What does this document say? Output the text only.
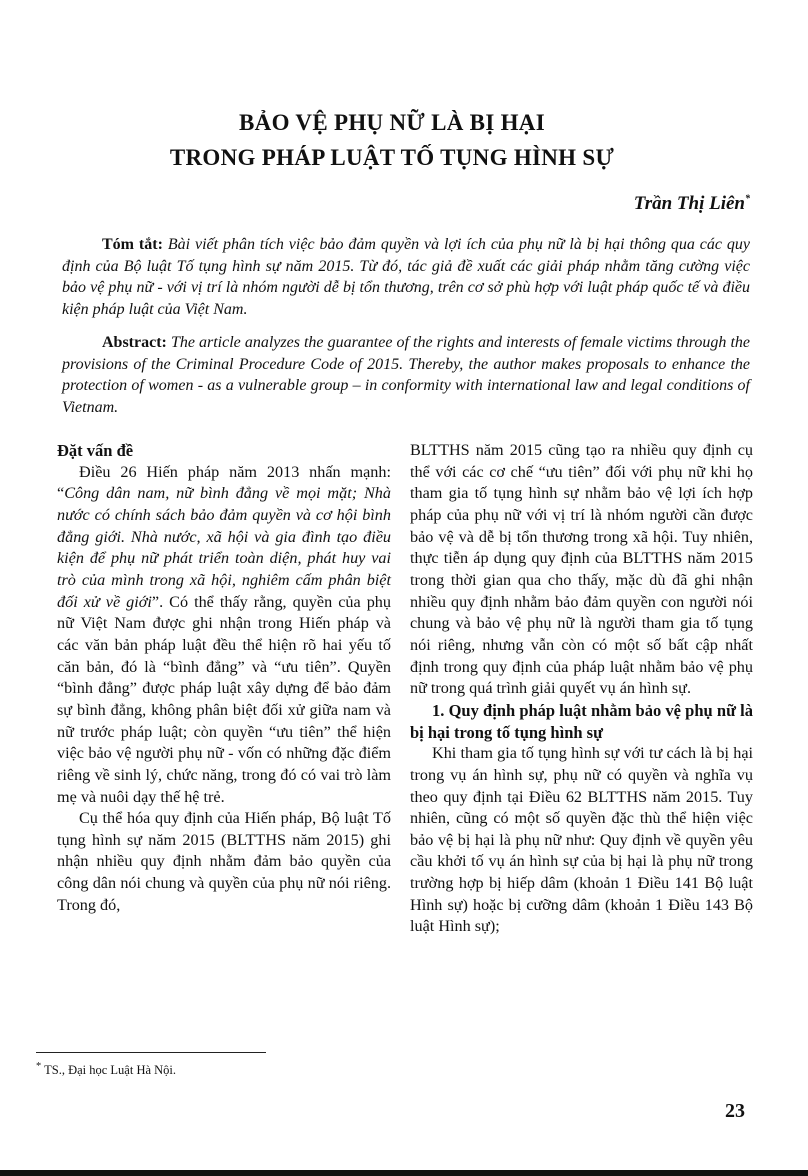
BẢO VỆ PHỤ NỮ LÀ BỊ HẠI
TRONG PHÁP LUẬT TỐ TỤNG HÌNH SỰ
Trần Thị Liên*
Tóm tắt: Bài viết phân tích việc bảo đảm quyền và lợi ích của phụ nữ là bị hại thông qua các quy định của Bộ luật Tố tụng hình sự năm 2015. Từ đó, tác giả đề xuất các giải pháp nhằm tăng cường việc bảo vệ phụ nữ - với vị trí là nhóm người dễ bị tổn thương, trên cơ sở phù hợp với luật pháp quốc tế và điều kiện pháp luật của Việt Nam.
Abstract: The article analyzes the guarantee of the rights and interests of female victims through the provisions of the Criminal Procedure Code of 2015. Thereby, the author makes proposals to enhance the protection of women - as a vulnerable group – in conformity with international law and legal conditions of Vietnam.
Đặt vấn đề

Điều 26 Hiến pháp năm 2013 nhấn mạnh: “Công dân nam, nữ bình đẳng về mọi mặt; Nhà nước có chính sách bảo đảm quyền và cơ hội bình đẳng giới. Nhà nước, xã hội và gia đình tạo điều kiện để phụ nữ phát triển toàn diện, phát huy vai trò của mình trong xã hội, nghiêm cấm phân biệt đối xử về giới”. Có thể thấy rằng, quyền của phụ nữ Việt Nam được ghi nhận trong Hiến pháp và các văn bản pháp luật đều thể hiện rõ hai yếu tố căn bản, đó là “bình đẳng” và “ưu tiên”. Quyền “bình đẳng” được pháp luật xây dựng để bảo đảm sự bình đẳng, không phân biệt đối xử giữa nam và nữ trước pháp luật; còn quyền “ưu tiên” thể hiện việc bảo vệ người phụ nữ - vốn có những đặc điểm riêng về sinh lý, chức năng, trong đó có vai trò làm mẹ và nuôi dạy thế hệ trẻ.

Cụ thể hóa quy định của Hiến pháp, Bộ luật Tố tụng hình sự năm 2015 (BLTTHS năm 2015) ghi nhận nhiều quy định nhằm đảm bảo quyền của công dân nói chung và quyền của phụ nữ nói riêng. Trong đó,

BLTTHS năm 2015 cũng tạo ra nhiều quy định cụ thể với các cơ chế “ưu tiên” đối với phụ nữ khi họ tham gia tố tụng hình sự nhằm bảo vệ lợi ích hợp pháp của phụ nữ với vị trí là nhóm người cần được bảo vệ và dễ bị tổn thương trong xã hội. Tuy nhiên, thực tiễn áp dụng quy định của BLTTHS năm 2015 trong thời gian qua cho thấy, mặc dù đã ghi nhận nhiều quy định nhằm bảo đảm quyền con người nói chung và bảo vệ phụ nữ là người tham gia tố tụng nói riêng, nhưng vẫn còn có một số bất cập nhất định trong quy định của pháp luật nhằm bảo vệ phụ nữ trong quá trình giải quyết vụ án hình sự.

1. Quy định pháp luật nhằm bảo vệ phụ nữ là bị hại trong tố tụng hình sự

Khi tham gia tố tụng hình sự với tư cách là bị hại trong vụ án hình sự, phụ nữ có quyền và nghĩa vụ theo quy định tại Điều 62 BLTTHS năm 2015. Tuy nhiên, cũng có một số quyền đặc thù thể hiện việc bảo vệ bị hại là phụ nữ như: Quy định về quyền yêu cầu khởi tố vụ án hình sự của bị hại là phụ nữ trong trường hợp bị hiếp dâm (khoản 1 Điều 141 Bộ luật Hình sự) hoặc bị cưỡng dâm (khoản 1 Điều 143 Bộ luật Hình sự);

* TS., Đại học Luật Hà Nội.
23
